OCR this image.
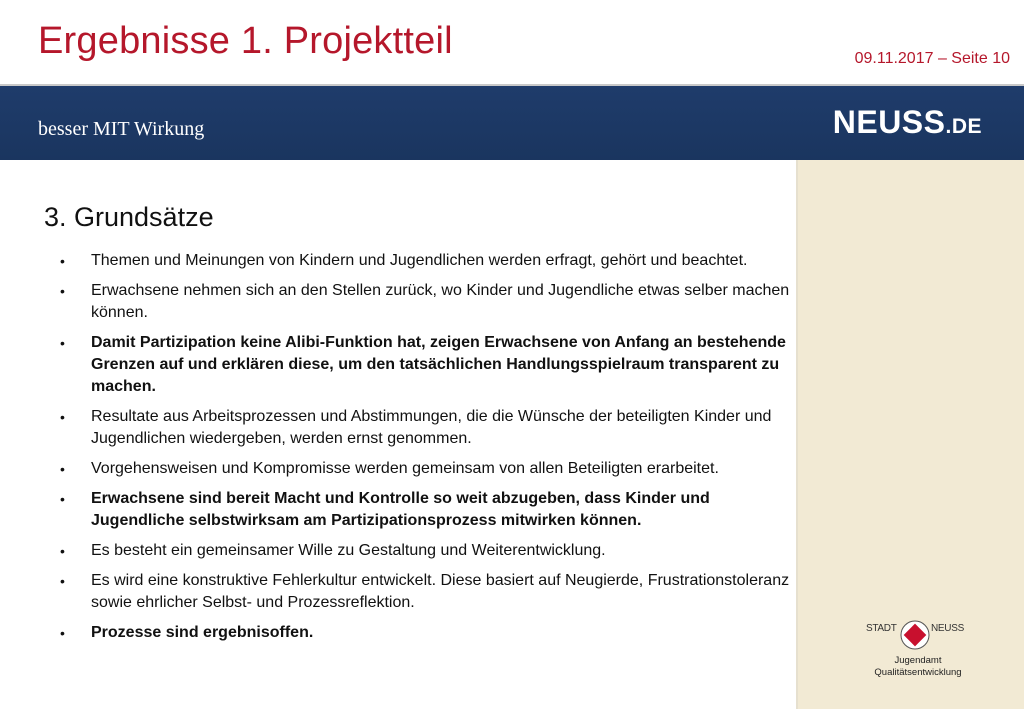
Ergebnisse 1. Projektteil	09.11.2017 – Seite 10
besser MIT Wirkung	NEUSS.DE
3. Grundsätze
• Themen und Meinungen von Kindern und Jugendlichen werden erfragt, gehört und beachtet.
• Erwachsene nehmen sich an den Stellen zurück, wo Kinder und Jugendliche etwas selber machen können.
• Damit Partizipation keine Alibi-Funktion hat, zeigen Erwachsene von Anfang an bestehende Grenzen auf und erklären diese, um den tatsächlichen Handlungsspielraum transparent zu machen.
• Resultate aus Arbeitsprozessen und Abstimmungen, die die Wünsche der beteiligten Kinder und Jugendlichen wiedergeben, werden ernst genommen.
• Vorgehensweisen und Kompromisse werden gemeinsam von allen Beteiligten erarbeitet.
• Erwachsene sind bereit Macht und Kontrolle so weit abzugeben, dass Kinder und Jugendliche selbstwirksam am Partizipationsprozess mitwirken können.
• Es besteht ein gemeinsamer Wille zu Gestaltung und Weiterentwicklung.
• Es wird eine konstruktive Fehlerkultur entwickelt. Diese basiert auf Neugierde, Frustrationstoleranz sowie ehrlicher Selbst- und Prozessreflektion.
• Prozesse sind ergebnisoffen.	STADT	NEUSS
Jugendamt
Qualitätsentwicklung
